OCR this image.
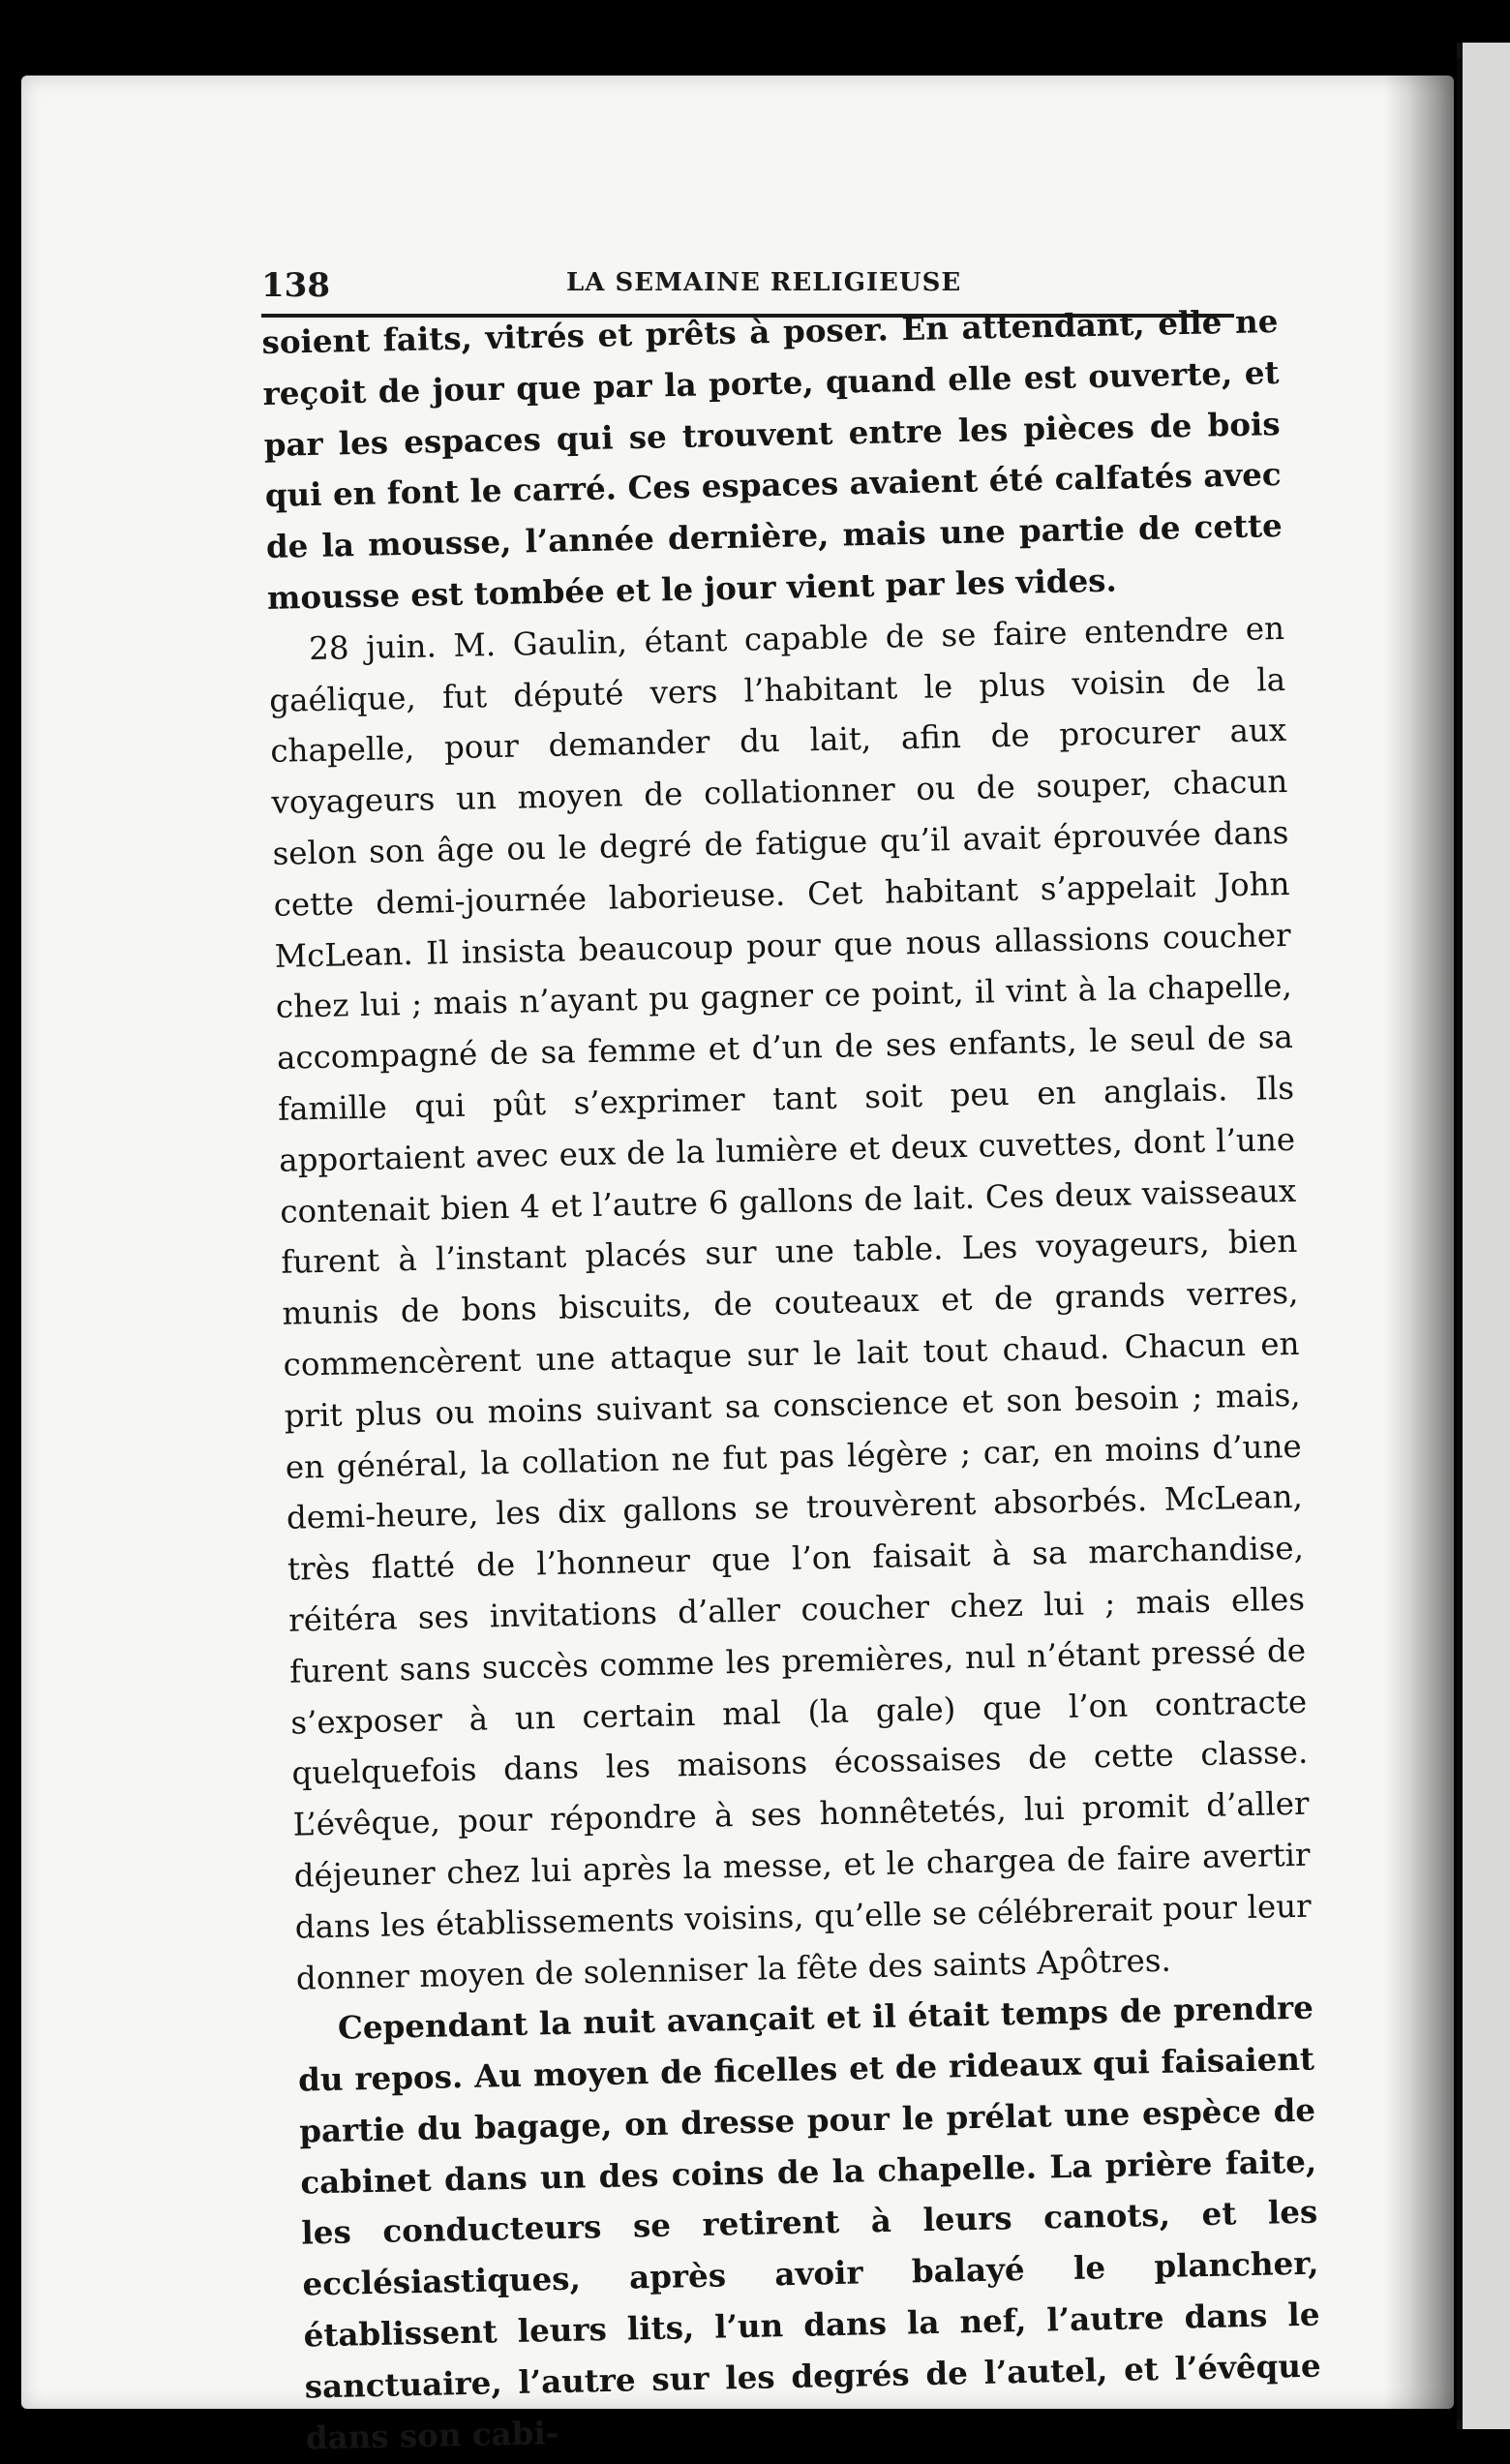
138	LA SEMAINE RELIGIEUSE

soient faits, vitrés et prêts à poser. En attendant, elle ne reçoit de jour que par la porte, quand elle est ouverte, et par les espaces qui se trouvent entre les pièces de bois qui en font le carré. Ces espaces avaient été calfatés avec de la mousse, l’année dernière, mais une partie de cette mousse est tombée et le jour vient par les vides.

28 juin. M. Gaulin, étant capable de se faire entendre en gaélique, fut député vers l’habitant le plus voisin de la chapelle, pour demander du lait, afin de procurer aux voyageurs un moyen de collationner ou de souper, chacun selon son âge ou le degré de fatigue qu’il avait éprouvée dans cette demi-journée laborieuse. Cet habitant s’appelait John McLean. Il insista beaucoup pour que nous allassions coucher chez lui ; mais n’ayant pu gagner ce point, il vint à la chapelle, accompagné de sa femme et d’un de ses enfants, le seul de sa famille qui pût s’exprimer tant soit peu en anglais. Ils apportaient avec eux de la lumière et deux cuvettes, dont l’une contenait bien 4 et l’autre 6 gallons de lait. Ces deux vaisseaux furent à l’instant placés sur une table. Les voyageurs, bien munis de bons biscuits, de couteaux et de grands verres, commencèrent une attaque sur le lait tout chaud. Chacun en prit plus ou moins suivant sa conscience et son besoin ; mais, en général, la collation ne fut pas légère ; car, en moins d’une demi-heure, les dix gallons se trouvèrent absorbés. McLean, très flatté de l’honneur que l’on faisait à sa marchandise, réitéra ses invitations d’aller coucher chez lui ; mais elles furent sans succès comme les premières, nul n’étant pressé de s’exposer à un certain mal (la gale) que l’on contracte quelquefois dans les maisons écossaises de cette classe. L’évêque, pour répondre à ses honnêtetés, lui promit d’aller déjeuner chez lui après la messe, et le chargea de faire avertir dans les établissements voisins, qu’elle se célébrerait pour leur donner moyen de solenniser la fête des saints Apôtres.

Cependant la nuit avançait et il était temps de prendre du repos. Au moyen de ficelles et de rideaux qui faisaient partie du bagage, on dresse pour le prélat une espèce de cabinet dans un des coins de la chapelle. La prière faite, les conducteurs se retirent à leurs canots, et les ecclésiastiques, après avoir balayé le plancher, établissent leurs lits, l’un dans la nef, l’autre dans le sanctuaire, l’autre sur les degrés de l’autel, et l’évêque dans son cabi-
